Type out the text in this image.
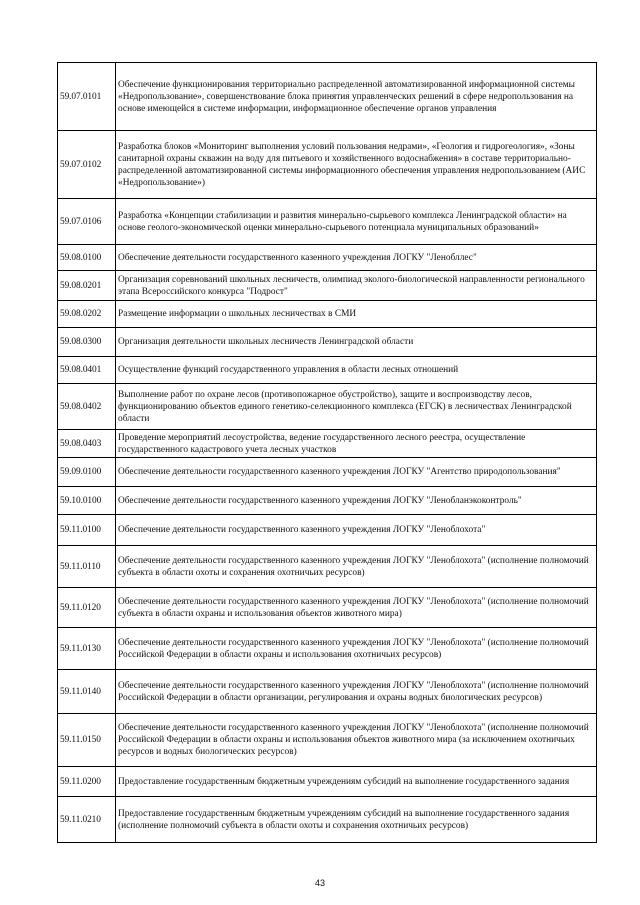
59.07.0101	Обеспечение функционирования территориально распределенной автоматизированной информационной системы «Недропользование», совершенствование блока принятия управленческих решений в сфере недропользования на основе имеющейся в системе информации, информационное обеспечение органов управления
59.07.0102	Разработка блоков «Мониторинг выполнения условий пользования недрами», «Геология и гидрогеология», «Зоны санитарной охраны скважин на воду для питьевого и хозяйственного водоснабжения» в составе территориально-распределенной автоматизированной системы информационного обеспечения управления недропользованием (АИС «Недропользование»)
59.07.0106	Разработка «Концепции стабилизации и развития минерально-сырьевого комплекса Ленинградской области» на основе геолого-экономической оценки минерально-сырьевого потенциала муниципальных образований»
59.08.0100	Обеспечение деятельности государственного казенного учреждения ЛОГКУ "Ленобллес"
59.08.0201	Организация соревнований школьных лесничеств, олимпиад эколого-биологической направленности регионального этапа Всероссийского конкурса "Подрост"
59.08.0202	Размещение информации о школьных лесничествах в СМИ
59.08.0300	Организация деятельности школьных лесничеств Ленинградской области
59.08.0401	Осуществление функций государственного управления в области лесных отношений
59.08.0402	Выполнение работ по охране лесов (противопожарное обустройство), защите и воспроизводству лесов, функционированию объектов единого генетико-селекционного комплекса (ЕГСК) в лесничествах Ленинградской области
59.08.0403	Проведение мероприятий лесоустройства, ведение государственного лесного реестра, осуществление государственного кадастрового учета лесных участков
59.09.0100	Обеспечение деятельности государственного казенного учреждения ЛОГКУ "Агентство природопользования"
59.10.0100	Обеспечение деятельности государственного казенного учреждения ЛОГКУ "Ленобланэкоконтроль"
59.11.0100	Обеспечение деятельности государственного казенного учреждения ЛОГКУ "Леноблохота"
59.11.0110	Обеспечение деятельности государственного казенного учреждения ЛОГКУ "Леноблохота" (исполнение полномочий субъекта в области охоты и сохранения охотничьих ресурсов)
59.11.0120	Обеспечение деятельности государственного казенного учреждения ЛОГКУ "Леноблохота" (исполнение полномочий субъекта в области охраны и использования объектов животного мира)
59.11.0130	Обеспечение деятельности государственного казенного учреждения ЛОГКУ "Леноблохота" (исполнение полномочий Российской Федерации в области охраны и использования охотничьих ресурсов)
59.11.0140	Обеспечение деятельности государственного казенного учреждения ЛОГКУ "Леноблохота" (исполнение полномочий Российской Федерации в области организации, регулирования и охраны водных биологических ресурсов)
59.11.0150	Обеспечение деятельности государственного казенного учреждения ЛОГКУ "Леноблохота" (исполнение полномочий Российской Федерации в области охраны и использования объектов животного мира (за исключением охотничьих ресурсов и водных биологических ресурсов)
59.11.0200	Предоставление государственным бюджетным учреждениям субсидий на выполнение государственного задания
59.11.0210	Предоставление государственным бюджетным учреждениям субсидий на выполнение государственного задания (исполнение полномочий субъекта в области охоты и сохранения охотничьих ресурсов)
43
